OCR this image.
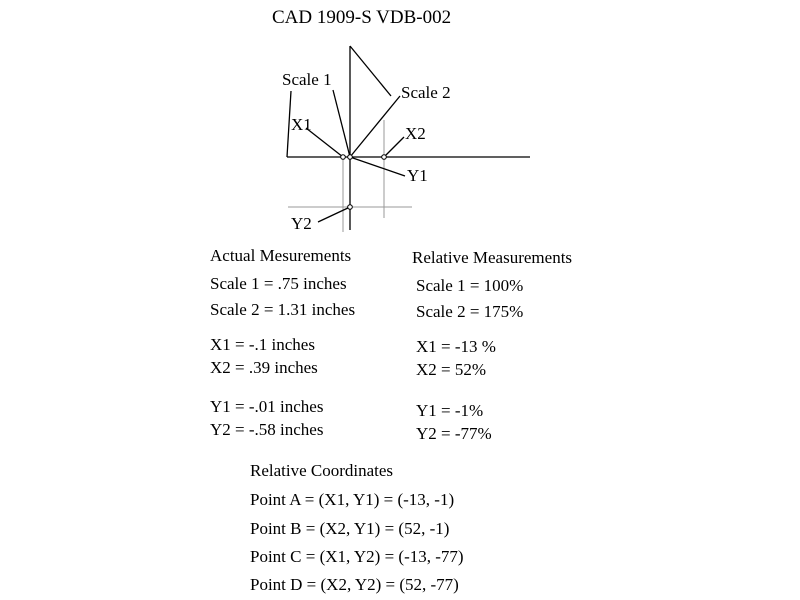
CAD 1909-S VDB-002
Scale 1
Scale 2
X1	X2
Y1
Y2
Actual Mesurements
Scale 1 = .75 inches
Scale 2 = 1.31 inches
X1 = -.1 inches
X2 = .39 inches
Y1 = -.01 inches
Y2 = -.58 inches
Relative Measurements
Scale 1 = 100%
Scale 2 = 175%
X1 = -13 %
X2 = 52%
Y1 = -1%
Y2 = -77%
Relative Coordinates
Point A = (X1, Y1) = (-13, -1)
Point B = (X2, Y1) = (52, -1)
Point C = (X1, Y2) = (-13, -77)
Point D = (X2, Y2) = (52, -77)
